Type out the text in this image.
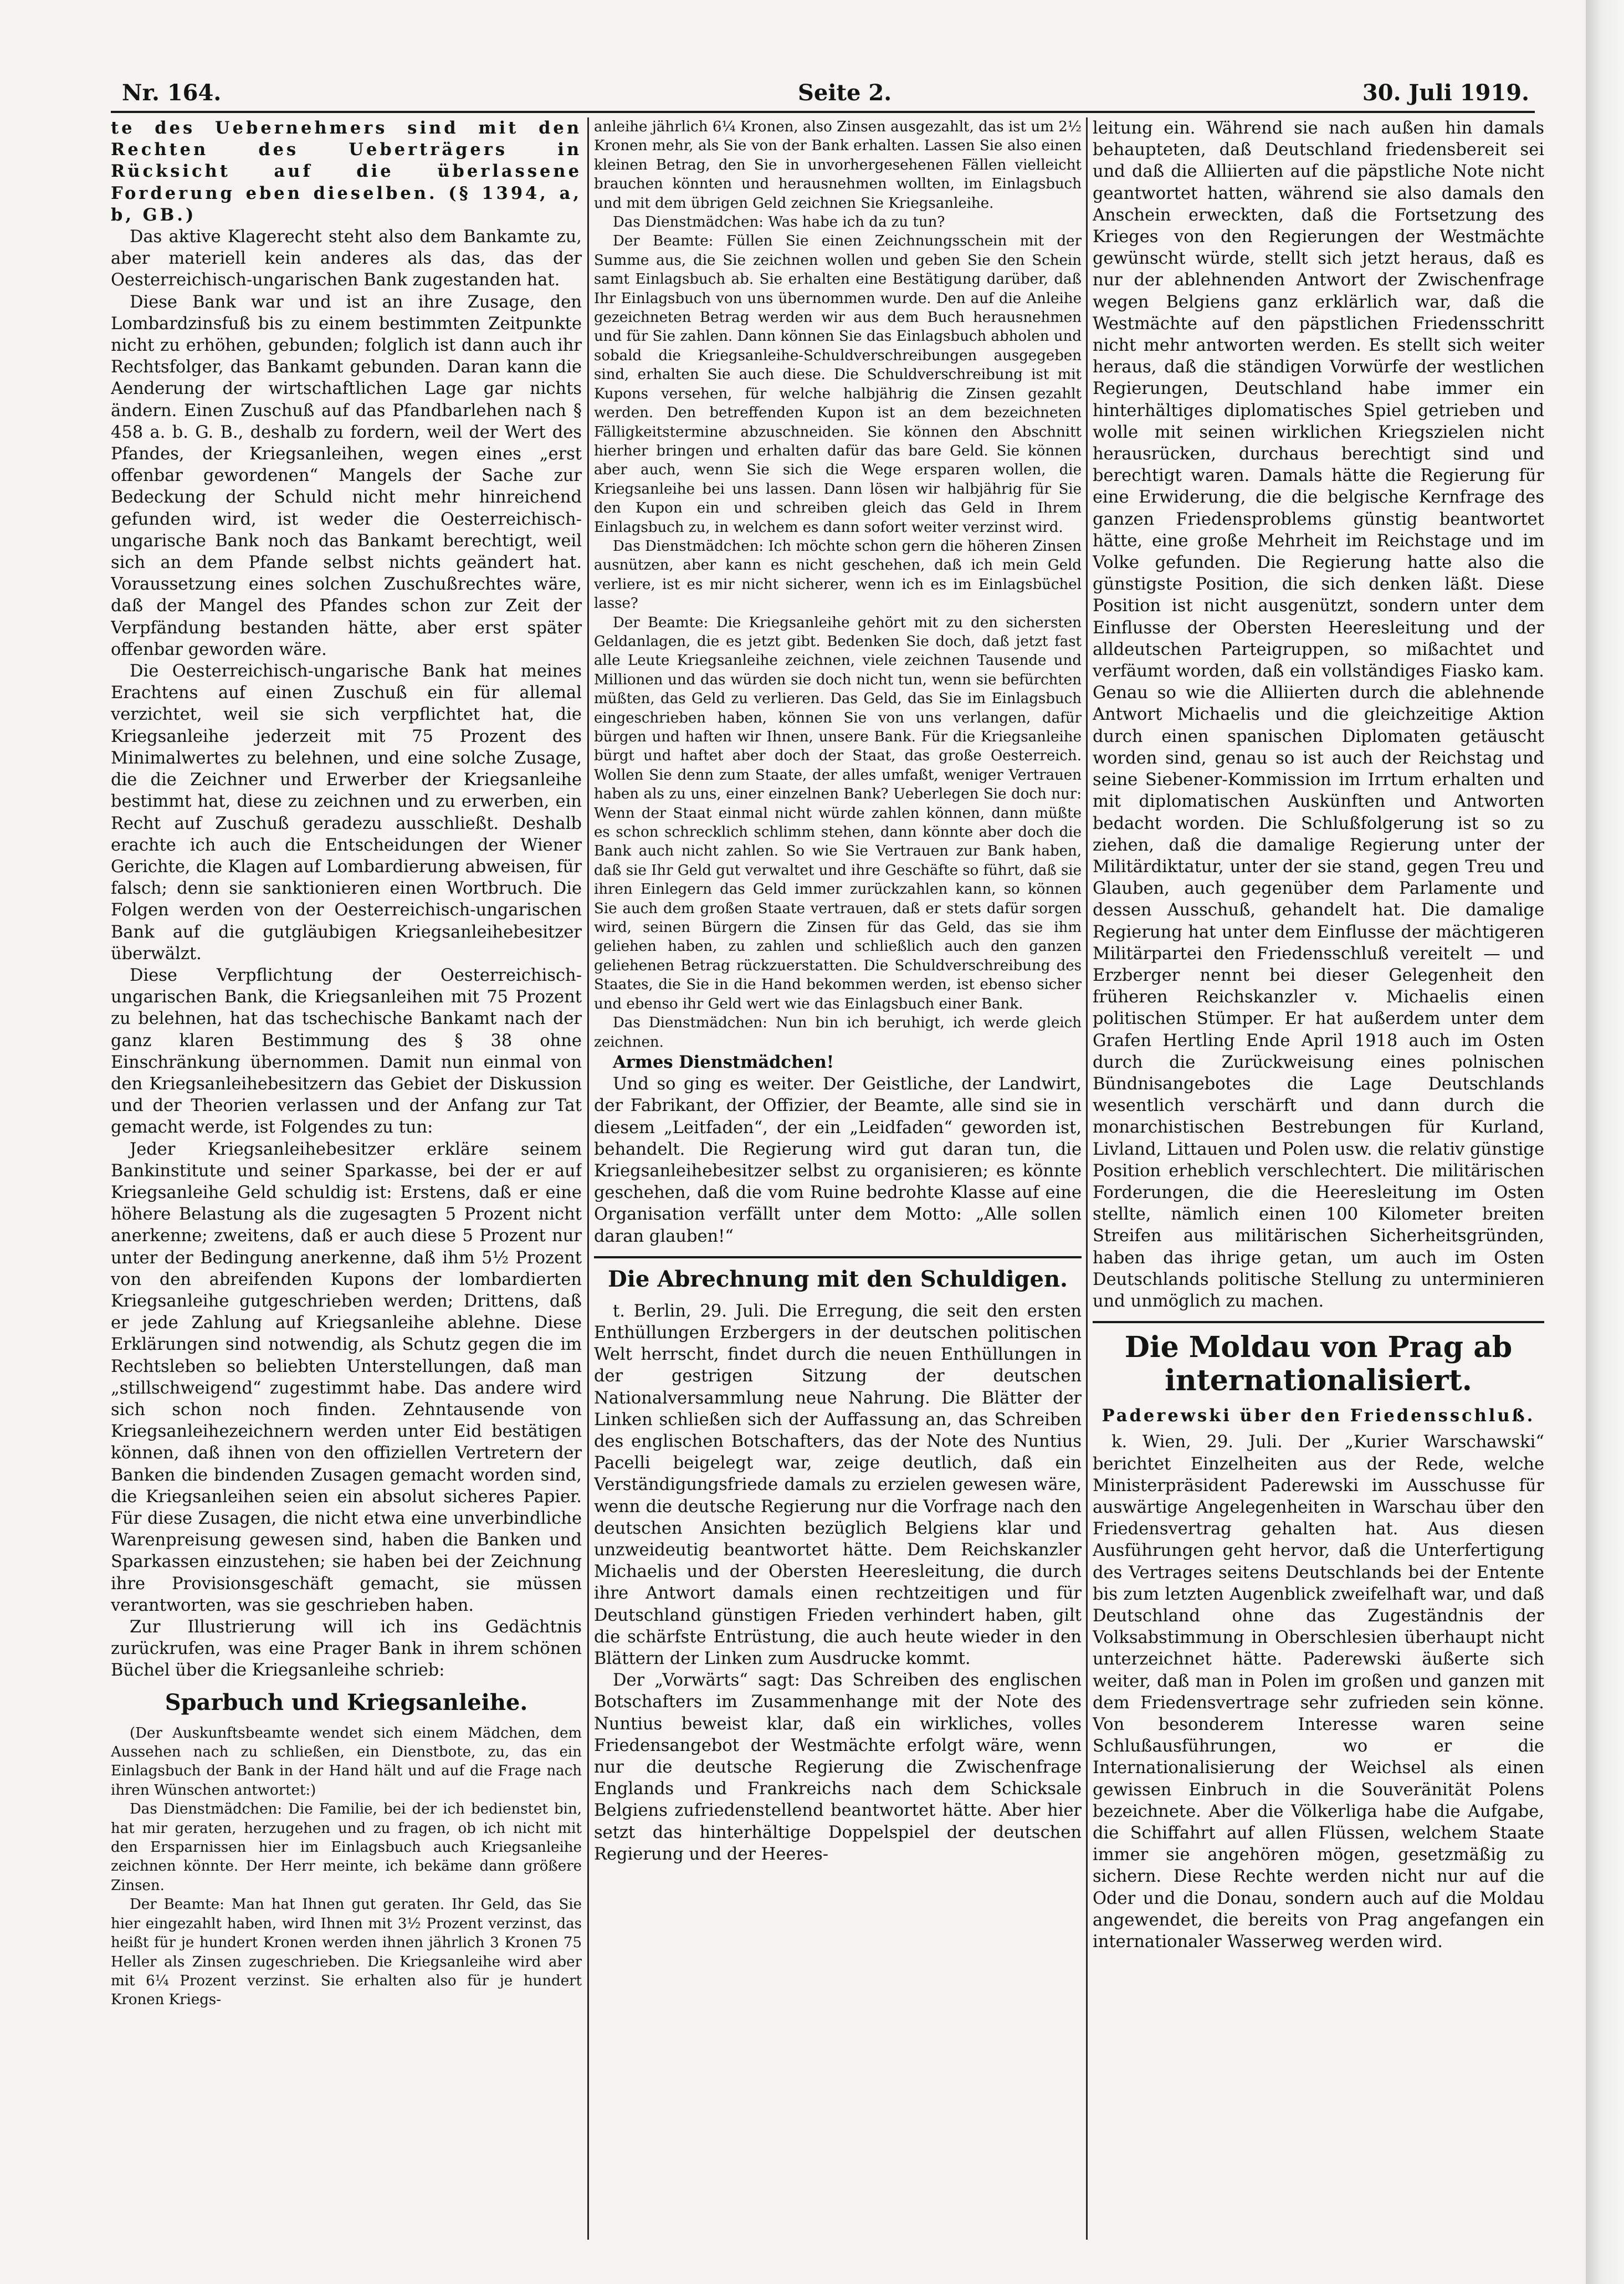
Nr. 164.	Seite 2.	30. Juli 1919.

te des Uebernehmers sind mit den Rechten des Ueberträgers in Rücksicht auf die überlassene Forderung eben dieselben. (§ 1394, a, b, GB.)

Das aktive Klagerecht steht also dem Bankamte zu, aber materiell kein anderes als das, das der Oesterreichisch-ungarischen Bank zugestanden hat.

Diese Bank war und ist an ihre Zusage, den Lombardzinsfuß bis zu einem bestimmten Zeitpunkte nicht zu erhöhen, gebunden; folglich ist dann auch ihr Rechtsfolger, das Bankamt gebunden. Daran kann die Aenderung der wirtschaftlichen Lage gar nichts ändern. Einen Zuschuß auf das Pfandbarlehen nach § 458 a. b. G. B., deshalb zu fordern, weil der Wert des Pfandes, der Kriegsanleihen, wegen eines „erst offenbar gewordenen“ Mangels der Sache zur Bedeckung der Schuld nicht mehr hinreichend gefunden wird, ist weder die Oesterreichisch-ungarische Bank noch das Bankamt berechtigt, weil sich an dem Pfande selbst nichts geändert hat. Voraussetzung eines solchen Zuschußrechtes wäre, daß der Mangel des Pfandes schon zur Zeit der Verpfändung bestanden hätte, aber erst später offenbar geworden wäre.

Die Oesterreichisch-ungarische Bank hat meines Erachtens auf einen Zuschuß ein für allemal verzichtet, weil sie sich verpflichtet hat, die Kriegsanleihe jederzeit mit 75 Prozent des Minimalwertes zu belehnen, und eine solche Zusage, die die Zeichner und Erwerber der Kriegsanleihe bestimmt hat, diese zu zeichnen und zu erwerben, ein Recht auf Zuschuß geradezu ausschließt. Deshalb erachte ich auch die Entscheidungen der Wiener Gerichte, die Klagen auf Lombardierung abweisen, für falsch; denn sie sanktionieren einen Wortbruch. Die Folgen werden von der Oesterreichisch-ungarischen Bank auf die gutgläubigen Kriegsanleihebesitzer überwälzt.

Diese Verpflichtung der Oesterreichisch-ungarischen Bank, die Kriegsanleihen mit 75 Prozent zu belehnen, hat das tschechische Bankamt nach der ganz klaren Bestimmung des § 38 ohne Einschränkung übernommen. Damit nun einmal von den Kriegsanleihebesitzern das Gebiet der Diskussion und der Theorien verlassen und der Anfang zur Tat gemacht werde, ist Folgendes zu tun:

Jeder Kriegsanleihebesitzer erkläre seinem Bankinstitute und seiner Sparkasse, bei der er auf Kriegsanleihe Geld schuldig ist: Erstens, daß er eine höhere Belastung als die zugesagten 5 Prozent nicht anerkenne; zweitens, daß er auch diese 5 Prozent nur unter der Bedingung anerkenne, daß ihm 5½ Prozent von den abreifenden Kupons der lombardierten Kriegsanleihe gutgeschrieben werden; Drittens, daß er jede Zahlung auf Kriegsanleihe ablehne. Diese Erklärungen sind notwendig, als Schutz gegen die im Rechtsleben so beliebten Unterstellungen, daß man „stillschweigend“ zugestimmt habe. Das andere wird sich schon noch finden. Zehntausende von Kriegsanleihezeichnern werden unter Eid bestätigen können, daß ihnen von den offiziellen Vertretern der Banken die bindenden Zusagen gemacht worden sind, die Kriegsanleihen seien ein absolut sicheres Papier. Für diese Zusagen, die nicht etwa eine unverbindliche Warenpreisung gewesen sind, haben die Banken und Sparkassen einzustehen; sie haben bei der Zeichnung ihre Provisionsgeschäft gemacht, sie müssen verantworten, was sie geschrieben haben.

Zur Illustrierung will ich ins Gedächtnis zurückrufen, was eine Prager Bank in ihrem schönen Büchel über die Kriegsanleihe schrieb:

Sparbuch und Kriegsanleihe.

(Der Auskunftsbeamte wendet sich einem Mädchen, dem Aussehen nach zu schließen, ein Dienstbote, zu, das ein Einlagsbuch der Bank in der Hand hält und auf die Frage nach ihren Wünschen antwortet:)

Das Dienstmädchen: Die Familie, bei der ich bedienstet bin, hat mir geraten, herzugehen und zu fragen, ob ich nicht mit den Ersparnissen hier im Einlagsbuch auch Kriegsanleihe zeichnen könnte. Der Herr meinte, ich bekäme dann größere Zinsen.

Der Beamte: Man hat Ihnen gut geraten. Ihr Geld, das Sie hier eingezahlt haben, wird Ihnen mit 3½ Prozent verzinst, das heißt für je hundert Kronen werden ihnen jährlich 3 Kronen 75 Heller als Zinsen zugeschrieben. Die Kriegsanleihe wird aber mit 6¼ Prozent verzinst. Sie erhalten also für je hundert Kronen Kriegs-

anleihe jährlich 6¼ Kronen, also Zinsen ausgezahlt, das ist um 2½ Kronen mehr, als Sie von der Bank erhalten. Lassen Sie also einen kleinen Betrag, den Sie in unvorhergesehenen Fällen vielleicht brauchen könnten und herausnehmen wollten, im Einlagsbuch und mit dem übrigen Geld zeichnen Sie Kriegsanleihe.

Das Dienstmädchen: Was habe ich da zu tun?

Der Beamte: Füllen Sie einen Zeichnungsschein mit der Summe aus, die Sie zeichnen wollen und geben Sie den Schein samt Einlagsbuch ab. Sie erhalten eine Bestätigung darüber, daß Ihr Einlagsbuch von uns übernommen wurde. Den auf die Anleihe gezeichneten Betrag werden wir aus dem Buch herausnehmen und für Sie zahlen. Dann können Sie das Einlagsbuch abholen und sobald die Kriegsanleihe-Schuldverschreibungen ausgegeben sind, erhalten Sie auch diese. Die Schuldverschreibung ist mit Kupons versehen, für welche halbjährig die Zinsen gezahlt werden. Den betreffenden Kupon ist an dem bezeichneten Fälligkeitstermine abzuschneiden. Sie können den Abschnitt hierher bringen und erhalten dafür das bare Geld. Sie können aber auch, wenn Sie sich die Wege ersparen wollen, die Kriegsanleihe bei uns lassen. Dann lösen wir halbjährig für Sie den Kupon ein und schreiben gleich das Geld in Ihrem Einlagsbuch zu, in welchem es dann sofort weiter verzinst wird.

Das Dienstmädchen: Ich möchte schon gern die höheren Zinsen ausnützen, aber kann es nicht geschehen, daß ich mein Geld verliere, ist es mir nicht sicherer, wenn ich es im Einlagsbüchel lasse?

Der Beamte: Die Kriegsanleihe gehört mit zu den sichersten Geldanlagen, die es jetzt gibt. Bedenken Sie doch, daß jetzt fast alle Leute Kriegsanleihe zeichnen, viele zeichnen Tausende und Millionen und das würden sie doch nicht tun, wenn sie befürchten müßten, das Geld zu verlieren. Das Geld, das Sie im Einlagsbuch eingeschrieben haben, können Sie von uns verlangen, dafür bürgen und haften wir Ihnen, unsere Bank. Für die Kriegsanleihe bürgt und haftet aber doch der Staat, das große Oesterreich. Wollen Sie denn zum Staate, der alles umfaßt, weniger Vertrauen haben als zu uns, einer einzelnen Bank? Ueberlegen Sie doch nur: Wenn der Staat einmal nicht würde zahlen können, dann müßte es schon schrecklich schlimm stehen, dann könnte aber doch die Bank auch nicht zahlen. So wie Sie Vertrauen zur Bank haben, daß sie Ihr Geld gut verwaltet und ihre Geschäfte so führt, daß sie ihren Einlegern das Geld immer zurückzahlen kann, so können Sie auch dem großen Staate vertrauen, daß er stets dafür sorgen wird, seinen Bürgern die Zinsen für das Geld, das sie ihm geliehen haben, zu zahlen und schließlich auch den ganzen geliehenen Betrag rückzuerstatten. Die Schuldverschreibung des Staates, die Sie in die Hand bekommen werden, ist ebenso sicher und ebenso ihr Geld wert wie das Einlagsbuch einer Bank.

Das Dienstmädchen: Nun bin ich beruhigt, ich werde gleich zeichnen.

Armes Dienstmädchen!

Und so ging es weiter. Der Geistliche, der Landwirt, der Fabrikant, der Offizier, der Beamte, alle sind sie in diesem „Leitfaden“, der ein „Leidfaden“ geworden ist, behandelt. Die Regierung wird gut daran tun, die Kriegsanleihebesitzer selbst zu organisieren; es könnte geschehen, daß die vom Ruine bedrohte Klasse auf eine Organisation verfällt unter dem Motto: „Alle sollen daran glauben!“

Die Abrechnung mit den Schuldigen.

t. Berlin, 29. Juli. Die Erregung, die seit den ersten Enthüllungen Erzbergers in der deutschen politischen Welt herrscht, findet durch die neuen Enthüllungen in der gestrigen Sitzung der deutschen Nationalversammlung neue Nahrung. Die Blätter der Linken schließen sich der Auffassung an, das Schreiben des englischen Botschafters, das der Note des Nuntius Pacelli beigelegt war, zeige deutlich, daß ein Verständigungsfriede damals zu erzielen gewesen wäre, wenn die deutsche Regierung nur die Vorfrage nach den deutschen Ansichten bezüglich Belgiens klar und unzweideutig beantwortet hätte. Dem Reichskanzler Michaelis und der Obersten Heeresleitung, die durch ihre Antwort damals einen rechtzeitigen und für Deutschland günstigen Frieden verhindert haben, gilt die schärfste Entrüstung, die auch heute wieder in den Blättern der Linken zum Ausdrucke kommt.

Der „Vorwärts“ sagt: Das Schreiben des englischen Botschafters im Zusammenhange mit der Note des Nuntius beweist klar, daß ein wirkliches, volles Friedensangebot der Westmächte erfolgt wäre, wenn nur die deutsche Regierung die Zwischenfrage Englands und Frankreichs nach dem Schicksale Belgiens zufriedenstellend beantwortet hätte. Aber hier setzt das hinterhältige Doppelspiel der deutschen Regierung und der Heeres-

leitung ein. Während sie nach außen hin damals behaupteten, daß Deutschland friedensbereit sei und daß die Alliierten auf die päpstliche Note nicht geantwortet hatten, während sie also damals den Anschein erweckten, daß die Fortsetzung des Krieges von den Regierungen der Westmächte gewünscht würde, stellt sich jetzt heraus, daß es nur der ablehnenden Antwort der Zwischenfrage wegen Belgiens ganz erklärlich war, daß die Westmächte auf den päpstlichen Friedensschritt nicht mehr antworten werden. Es stellt sich weiter heraus, daß die ständigen Vorwürfe der westlichen Regierungen, Deutschland habe immer ein hinterhältiges diplomatisches Spiel getrieben und wolle mit seinen wirklichen Kriegszielen nicht herausrücken, durchaus berechtigt sind und berechtigt waren. Damals hätte die Regierung für eine Erwiderung, die die belgische Kernfrage des ganzen Friedensproblems günstig beantwortet hätte, eine große Mehrheit im Reichstage und im Volke gefunden. Die Regierung hatte also die günstigste Position, die sich denken läßt. Diese Position ist nicht ausgenützt, sondern unter dem Einflusse der Obersten Heeresleitung und der alldeutschen Parteigruppen, so mißachtet und verfäumt worden, daß ein vollständiges Fiasko kam. Genau so wie die Alliierten durch die ablehnende Antwort Michaelis und die gleichzeitige Aktion durch einen spanischen Diplomaten getäuscht worden sind, genau so ist auch der Reichstag und seine Siebener-Kommission im Irrtum erhalten und mit diplomatischen Auskünften und Antworten bedacht worden. Die Schlußfolgerung ist so zu ziehen, daß die damalige Regierung unter der Militärdiktatur, unter der sie stand, gegen Treu und Glauben, auch gegenüber dem Parlamente und dessen Ausschuß, gehandelt hat. Die damalige Regierung hat unter dem Einflusse der mächtigeren Militärpartei den Friedensschluß vereitelt — und Erzberger nennt bei dieser Gelegenheit den früheren Reichskanzler v. Michaelis einen politischen Stümper. Er hat außerdem unter dem Grafen Hertling Ende April 1918 auch im Osten durch die Zurückweisung eines polnischen Bündnisangebotes die Lage Deutschlands wesentlich verschärft und dann durch die monarchistischen Bestrebungen für Kurland, Livland, Littauen und Polen usw. die relativ günstige Position erheblich verschlechtert. Die militärischen Forderungen, die die Heeresleitung im Osten stellte, nämlich einen 100 Kilometer breiten Streifen aus militärischen Sicherheitsgründen, haben das ihrige getan, um auch im Osten Deutschlands politische Stellung zu unterminieren und unmöglich zu machen.

Die Moldau von Prag ab internationalisiert.
Paderewski über den Friedensschluß.

k. Wien, 29. Juli. Der „Kurier Warschawski“ berichtet Einzelheiten aus der Rede, welche Ministerpräsident Paderewski im Ausschusse für auswärtige Angelegenheiten in Warschau über den Friedensvertrag gehalten hat. Aus diesen Ausführungen geht hervor, daß die Unterfertigung des Vertrages seitens Deutschlands bei der Entente bis zum letzten Augenblick zweifelhaft war, und daß Deutschland ohne das Zugeständnis der Volksabstimmung in Oberschlesien überhaupt nicht unterzeichnet hätte. Paderewski äußerte sich weiter, daß man in Polen im großen und ganzen mit dem Friedensvertrage sehr zufrieden sein könne. Von besonderem Interesse waren seine Schlußausführungen, wo er die Internationalisierung der Weichsel als einen gewissen Einbruch in die Souveränität Polens bezeichnete. Aber die Völkerliga habe die Aufgabe, die Schiffahrt auf allen Flüssen, welchem Staate immer sie angehören mögen, gesetzmäßig zu sichern. Diese Rechte werden nicht nur auf die Oder und die Donau, sondern auch auf die Moldau angewendet, die bereits von Prag angefangen ein internationaler Wasserweg werden wird.
